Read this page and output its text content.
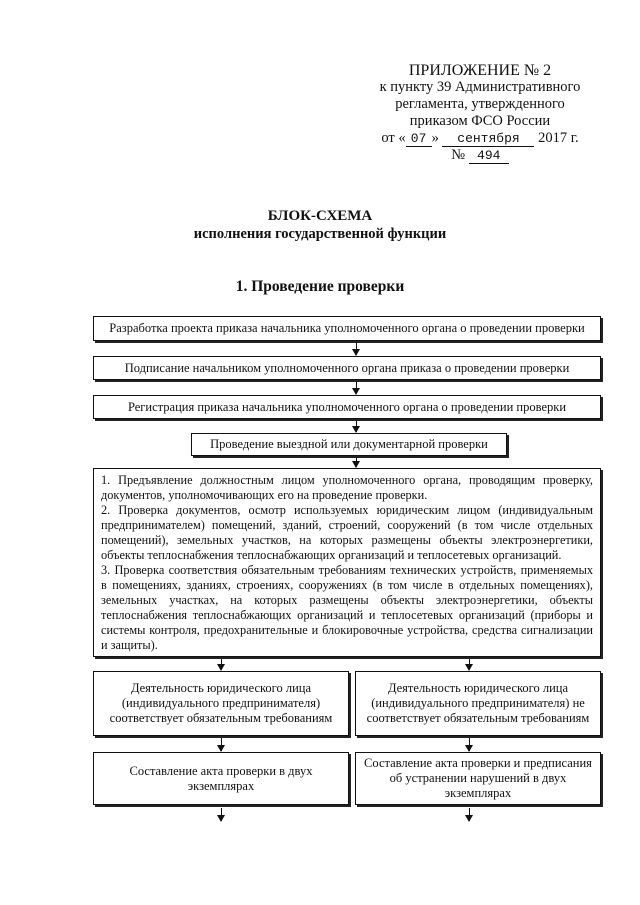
ПРИЛОЖЕНИЕ № 2
к пункту 39 Административного
регламента, утвержденного
приказом ФСО России
от « 07 » сентября 2017 г.
№ 494
БЛОК-СХЕМА
исполнения государственной функции
1. Проведение проверки
Разработка проекта приказа начальника уполномоченного органа о проведении проверки
Подписание начальником уполномоченного органа приказа о проведении проверки
Регистрация приказа начальника уполномоченного органа о проведении проверки
Проведение выездной или документарной проверки

1. Предъявление должностным лицом уполномоченного органа, проводящим проверку, документов, уполномочивающих его на проведение проверки.

2. Проверка документов, осмотр используемых юридическим лицом (индивидуальным предпринимателем) помещений, зданий, строений, сооружений (в том числе отдельных помещений), земельных участков, на которых размещены объекты электроэнергетики, объекты теплоснабжения теплоснабжающих организаций и теплосетевых организаций.

3. Проверка соответствия обязательным требованиям технических устройств, применяемых в помещениях, зданиях, строениях, сооружениях (в том числе в отдельных помещениях), земельных участках, на которых размещены объекты электроэнергетики, объекты теплоснабжения теплоснабжающих организаций и теплосетевых организаций (приборы и системы контроля, предохранительные и блокировочные устройства, средства сигнализации и защиты).

Деятельность юридического лица (индивидуального предпринимателя) соответствует обязательным требованиям
Деятельность юридического лица (индивидуального предпринимателя) не соответствует обязательным требованиям
Составление акта проверки в двух экземплярах
Составление акта проверки и предписания об устранении нарушений в двух экземплярах
